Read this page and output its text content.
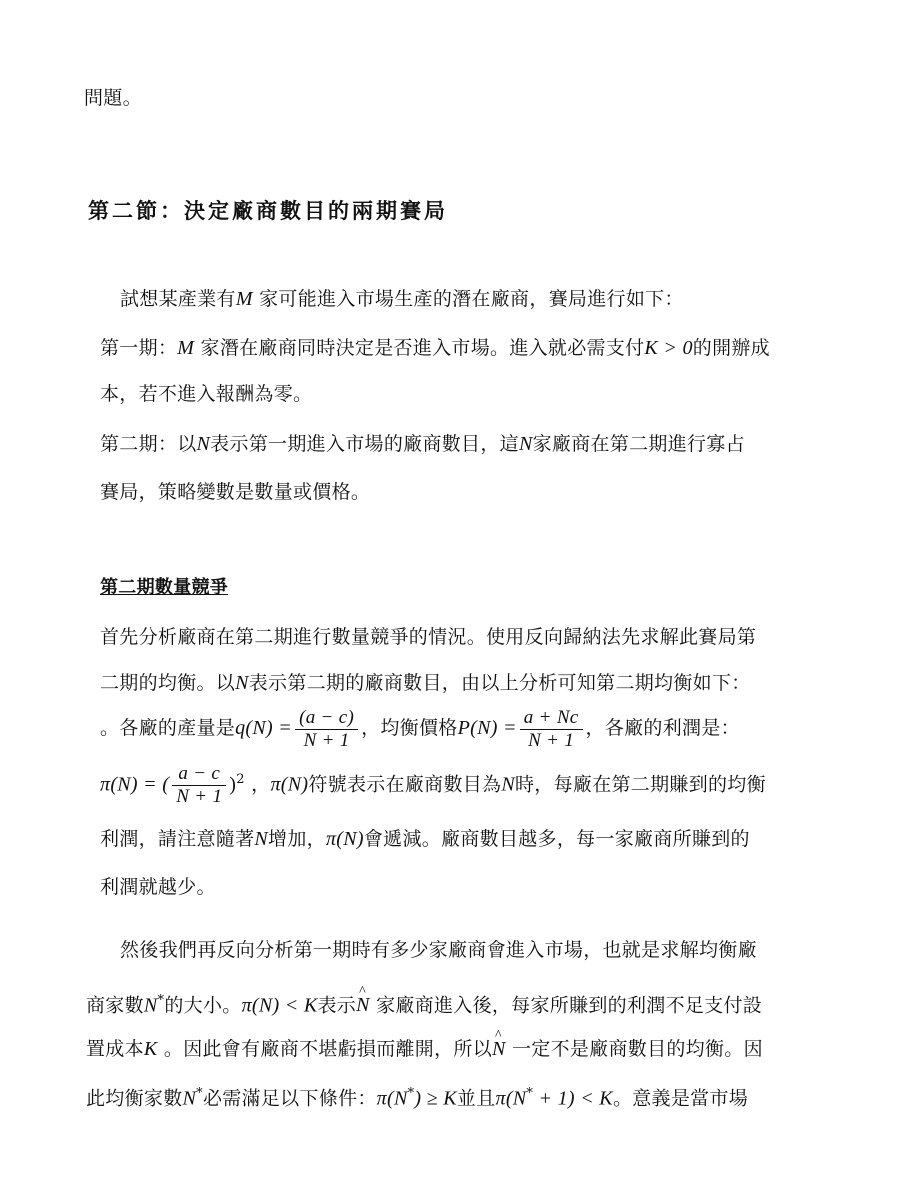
問題。
第二節：決定廠商數目的兩期賽局
試想某產業有M 家可能進入市場生產的潛在廠商，賽局進行如下：
第一期：M 家潛在廠商同時決定是否進入市場。進入就必需支付K > 0的開辦成
本，若不進入報酬為零。
第二期：以N表示第一期進入市場的廠商數目，這N家廠商在第二期進行寡占
賽局，策略變數是數量或價格。
第二期數量競爭
首先分析廠商在第二期進行數量競爭的情況。使用反向歸納法先求解此賽局第
二期的均衡。以N表示第二期的廠商數目，由以上分析可知第二期均衡如下：
。各廠的產量是$q(N) = \frac{(a - c)}{N + 1}$ ，均衡價格$P(N) = \frac{a + Nc}{N + 1}$ ，各廠的利潤是：
π(N) = ( $\frac{a - c}{N + 1} )^2$ ，π(N)符號表示在廠商數目為N時，每廠在第二期賺到的均衡
利潤，請注意隨著N增加，π(N)會遞減。廠商數目越多，每一家廠商所賺到的
利潤就越少。
然後我們再反向分析第一期時有多少家廠商會進入市場，也就是求解均衡廠
商家數N*的大小。π(N) < K表示^ N 家廠商進入後，每家所賺到的利潤不足支付設
置成本K 。因此會有廠商不堪虧損而離開，所以^ N 一定不是廠商數目的均衡。因
此均衡家數N*必需滿足以下條件：π(N*) ≥ K並且π(N* + 1) < K。意義是當市場
